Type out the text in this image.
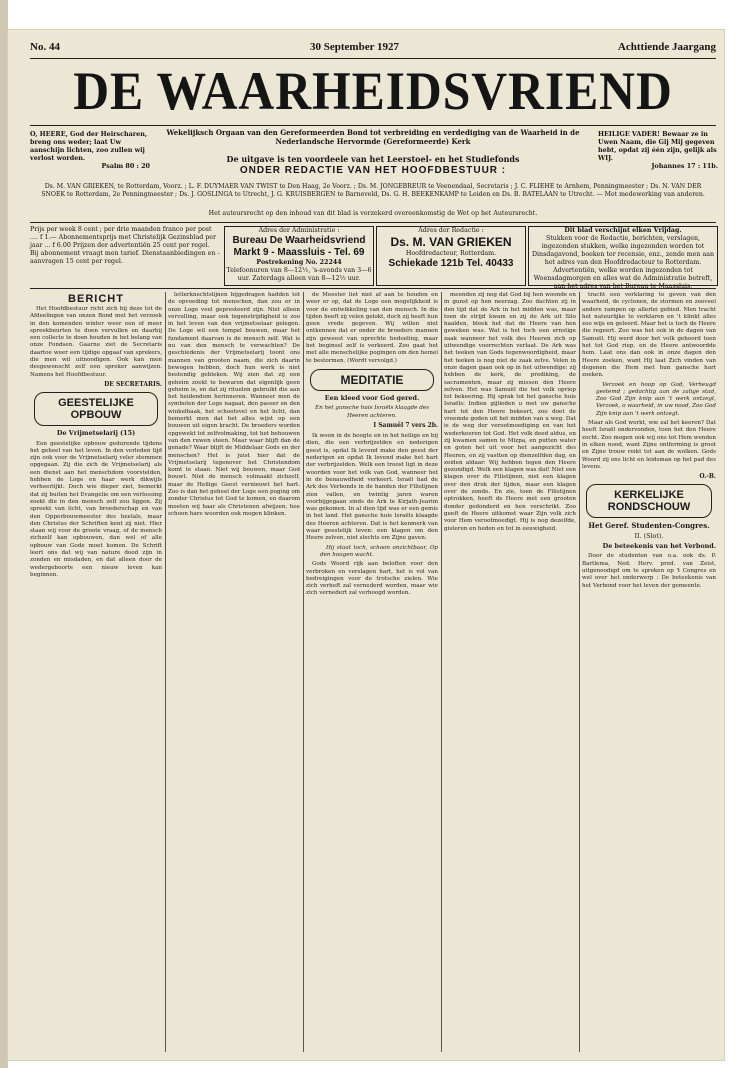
No. 44	30 September 1927	Achttiende Jaargang
DE WAARHEIDSVRIEND
O, HEERE, God der Heirscharen, breng ons weder; laat Uw aanschijn lichten, zoo zullen wij verlost worden.
Psalm 80 : 20
Wekelijksch Orgaan van den Gereformeerden Bond tot verbreiding en verdediging van de Waarheid in de Nederlandsche Hervormde (Gereformeerde) Kerk
HEILIGE VADER! Bewaar ze in Uwen Naam, die Gij Mij gegeven hebt, opdat zij één zijn, gelijk als WIJ.
Johannes 17 : 11b.
De uitgave is ten voordeele van het Leerstoel- en het Studiefonds
ONDER REDACTIE VAN HET HOOFDBESTUUR :
Ds. M. VAN GRIEKEN, te Rotterdam, Voorz. ; L. F. DUYMAER VAN TWIST te Den Haag, 2e Voorz. ; Ds. M. JONGEBREUR te Veenendaal, Secretaris ; J. C. FLIEHE te Arnhem, Penningmeester ; Ds. N. VAN DER SNOEK te Rotterdam, 2e Penningmeester ; Ds. J. GOSLINGA te Utrecht, J. G. KRUISBERGEN te Barneveld, Ds. G. H. BEEKENKAMP te Leiden en Ds. B. BATELAAN te Utrecht. — Met medewerking van anderen.
Het auteursrecht op den inhoud van dit blad is verzekerd overeenkomstig de Wet op het Auteursrecht.
Prijs per week 8 cent ; per drie maanden franco per post .... f 1.— Abonnementsprijs met Christelijk Gezinsblad per jaar ... f 6.00 Prijzen der advertentiën 25 cent per regel. Bij abonnement vraagt men tarief. Dienstaanbiedingen en -aanvragen 15 cent per regel.
Adres der Administratie :
Bureau De Waarheidsvriend
Markt 9 - Maassluis - Tel. 69
Postrekening No. 22244
Telefoonuren van 8—12½, 's-avonds van 3—6 uur. Zaterdags alleen van 8—12½ uur.
Adres der Redactie :
Ds. M. VAN GRIEKEN
Hoofdredacteur, Rotterdam.
Schiekade 121b Tel. 40433
Dit blad verschijnt elken Vrijdag.
Stukken voor de Redactie, berichten, verslagen, ingezonden stukken, welke ingezonden worden tot Dinsdagavond, boeken ter recensie, enz., zende men aan het adres van den Hoofdredacteur te Rotterdam. Advertentiën, welke worden ingezonden tot Woensdagmorgen en alles wat de Administratie betreft, aan het adres van het Bureau te Maassluis.
BERICHT

Het Hoofdbestuur richt zich bij deze tot de Afdeelingen van onzen Bond met het verzoek in den komenden winter weer een of meer spreekbeurten te doen vervullen en daarbij een collecte te doen houden in het belang van onze Fondsen. Gaarne ziet de Secretaris daartoe weer een tijdige opgaaf van sprekers, die men wil uitnoodigen. Ook kan men desgewenscht zelf een spreker aanwijzen. Namens het Hoofdbestuur.

DE SECRETARIS.
GEESTELIJKE OPBOUW
De Vrijmetselarij (15)

Een geestelijke opbouw gedurende tijdens het geheel van het leven. In den verleden tijd zijn ook voor de Vrijmetselarij veler stemmen opgegaan. Zij die zich de Vrijmetselarij als een dienst aan het menschdom voorstelden, hebben de Loge en haar werk dikwijls verheerlijkt. Doch wie dieper ziet, bemerkt dat zij buiten het Evangelie om een verlossing zoekt die in den mensch zelf zou liggen. Zij spreekt van licht, van broederschap en van den Opperbouwmeester des heelals, maar den Christus der Schriften kent zij niet. Hier staan wij voor de groote vraag, of de mensch zichzelf kan opbouwen, dan wel of alle opbouw van Gode moet komen. De Schrift leert ons dat wij van nature dood zijn in zonden en misdaden, en dat alleen door de wedergeboorte een nieuw leven kan beginnen.

letterknechtslijnen bijgedragen hadden tot de opvoeding tot menschen, dan zou er in onze Loge veel gepresteerd zijn. Niet alleen vervulling, maar ook tegenstrijdigheid is zoo in het leven van den vrijmetselaar gelegen. De Loge wil een tempel bouwen, maar het fundament daarvan is de mensch zelf. Wat is nu van den mensch te verwachten? De geschiedenis der Vrijmetselarij toont ons mannen van grooten naam, die zich daarin bewogen hebben, doch hun werk is niet bestendig gebleken. Wij zien dat zij een geheim zoekt te bewaren dat eigenlijk geen geheim is, en dat zij rituelen gebruikt die aan het heidendom herinneren. Wanneer men de symbolen der Loge nagaat, den passer en den winkelhaak, het schootsvel en het licht, dan bemerkt men dat het alles wijst op een bouwen uit eigen kracht. De broeders worden opgewekt tot zelfvolmaking, tot het behouwen van den ruwen steen. Maar waar blijft dan de genade? Waar blijft de Middelaar Gods en der menschen? Het is juist hier dat de Vrijmetselarij tegenover het Christendom komt te staan. Niet wij bouwen, maar God bouwt. Niet de mensch volmaakt zichzelf, maar de Heilige Geest vernieuwt het hart. Zoo is dan het geheel der Loge een poging om zonder Christus tot God te komen, en daarom moeten wij haar als Christenen afwijzen, hoe schoon hare woorden ook mogen klinken.

de Meester liet niet af aan te houden en weer er op, dat de Loge een mogelijkheid is voor de ontwikkeling van den mensch. In die tijden heeft zij velen gelokt, doch zij heeft hun geen vrede gegeven. Wij willen niet ontkennen dat er onder de broeders mannen zijn geweest van oprechte bedoeling, maar het beginsel zelf is verkeerd. Zoo gaat het met alle menschelijke pogingen om den hemel te bestormen. (Wordt vervolgd.)

MEDITATIE
Een kleed voor God gered.
En het gansche huis Israëls klaagde des Heeren achteren.
I Samuël 7 vers 2b.

Ik woon in de hoogte en in het heilige en bij dien, die een verbrijzelden en nederigen geest is, opdat Ik levend make den geest der nederigen en opdat Ik levend make het hart der verbrijzelden. Welk een troost ligt in deze woorden voor het volk van God, wanneer het in de benauwdheid verkeert. Israël had de Ark des Verbonds in de handen der Filistijnen zien vallen, en twintig jaren waren voorbijgegaan sinds de Ark te Kirjath-Jearim was gekomen. In al dien tijd was er een gemis in het land. Het gansche huis Israëls klaagde des Heeren achteren. Dat is het kenmerk van waar geestelijk leven: een klagen om den Heere zelven, niet slechts om Zijne gaven.

Hij staat toch, schoon onzichtbaar, Op den hoogen wacht.

Gods Woord rijk aan beloften voor den verbroken en verslagen hart, het is vol van bedreigingen voor de trotsche zielen. Wie zich verheft zal vernederd worden, maar wie zich vernedert zal verhoogd worden.

meenden zij nog dat God bij hen woonde en in gunst op hen neerzag. Zoo dachten zij in den tijd dat de Ark in het midden was, maar toen de strijd kwam en zij de Ark uit Silo haalden, bleek het dat de Heere van hen geweken was. Wat is het toch een ernstige zaak wanneer het volk des Heeren zich op uitwendige voorrechten verlaat. De Ark was het teeken van Gods tegenwoordigheid, maar het teeken is nog niet de zaak zelve. Velen in onze dagen gaan ook op in het uitwendige: zij hebben de kerk, de prediking, de sacramenten, maar zij missen den Heere zelven. Het was Samuël die het volk opriep tot bekeering. Hij sprak tot het gansche huis Israëls: Indien gijlieden u met uw gansche hart tot den Heere bekeert, zoo doet de vreemde goden uit het midden van u weg. Dat is de weg der verootmoediging en van het wederkeeren tot God. Het volk deed aldus, en zij kwamen samen te Mizpa, en putten water en goten het uit voor het aangezicht des Heeren, en zij vastten op dienzelfden dag, en zeiden aldaar: Wij hebben tegen den Heere gezondigd. Welk een klagen was dat! Niet een klagen over de Filistijnen, niet een klagen over den druk der tijden, maar een klagen over de zonde. En zie, toen de Filistijnen optrokken, heeft de Heere met een grooten donder gedonderd en hen verschrikt. Zoo geeft de Heere uitkomst waar Zijn volk zich voor Hem verootmoedigt. Hij is nog dezelfde, gisteren en heden en tot in eeuwigheid.

tracht een verklaring te geven van den waarheid, de cyclonen, de stormen en zooveel andere rampen op allerlei gebied. Men tracht het natuurlijke te verklaren en 't klinkt alles zoo wijs en geleerd. Maar het is toch de Heere die regeert. Zoo was het ook in de dagen van Samuël. Hij werd door het volk gehoord toen het tot God riep, en de Heere antwoordde hem. Laat ons dan ook in onze dagen den Heere zoeken, want Hij laat Zich vinden van degenen die Hem met hun gansche hart zoeken.

Verzoek en hoop op God, Verheugd gestemd ; gedachtig aan de zalige stad, Zoo God Zijn knip aan 't werk ontzegt, Verzoek, o waarheid, in uw nood, Zoo God Zijn knip aan 't werk ontzegt.

Maar als God werkt, wie zal het keeren? Dat heeft Israël ondervonden, toen het den Heere zocht. Zoo mogen ook wij ons tot Hem wenden in elken nood, want Zijne ontferming is groot en Zijne trouw reikt tot aan de wolken. Gods Woord zij ons licht en leidsman op het pad des levens.

O.-B.
KERKELIJKE RONDSCHOUW
Het Geref. Studenten-Congres.
II. (Slot).
De beteekenis van het Verbond.

Door de studenten van o.a. ook ds. P. Bartlema, Ned. Herv. pred. van Zeist, uitgenoodigd om te spreken op 't Congres en wel over het onderwerp : De beteekenis van het Verbond voor het leven der gemeente.
